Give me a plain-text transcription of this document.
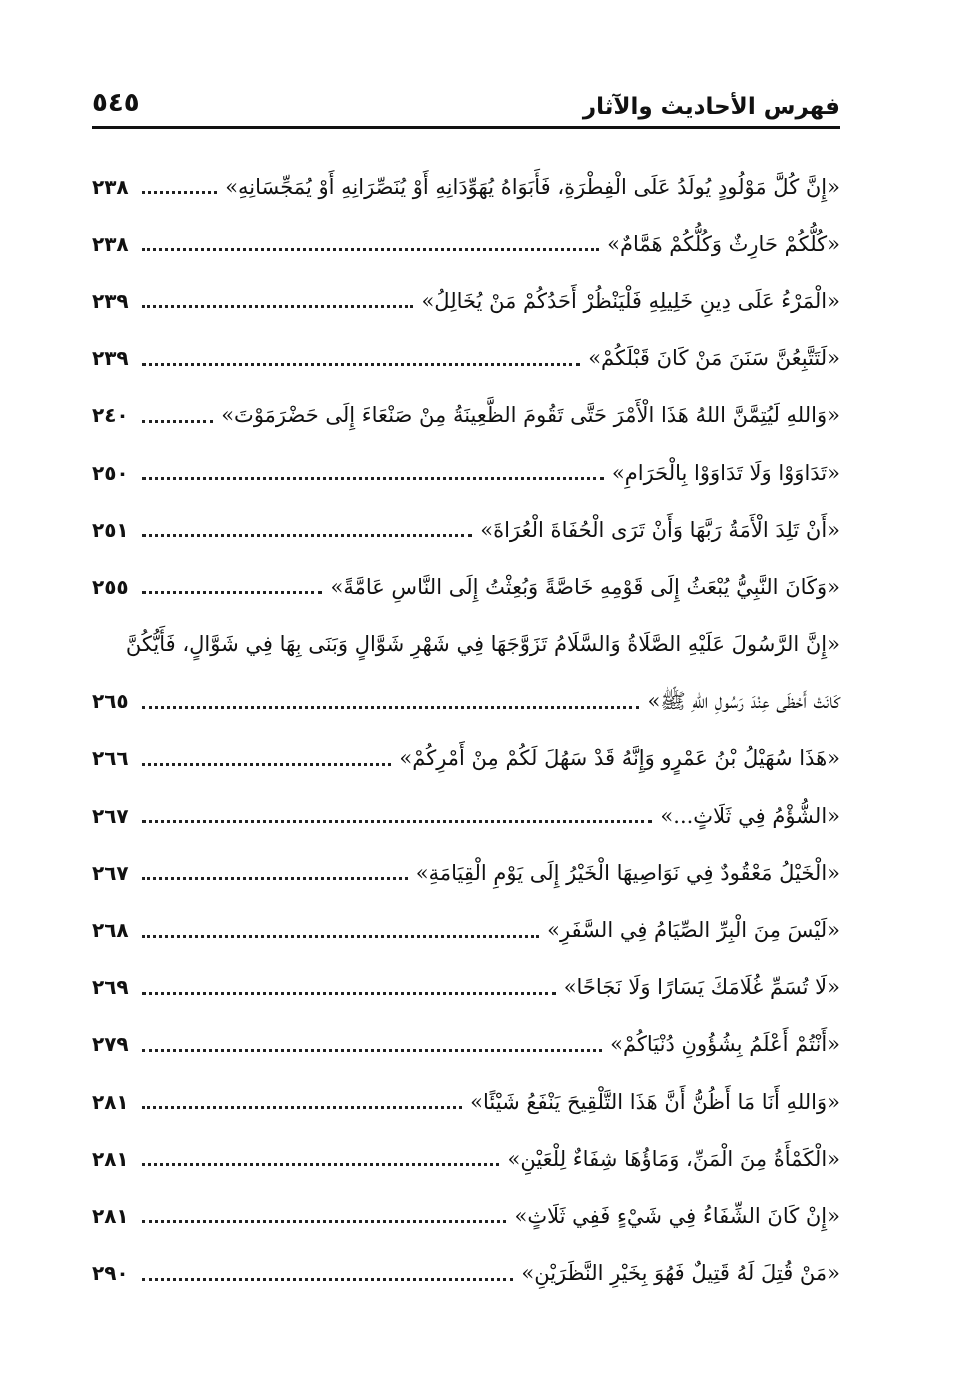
فهرس الأحاديث والآثار
٥٤٥
«إِنَّ كُلَّ مَوْلُودٍ يُولَدُ عَلَى الْفِطْرَةِ، فَأَبَوَاهُ يُهَوِّدَانِهِ أَوْ يُنَصِّرَانِهِ أَوْ يُمَجِّسَانِهِ»
٢٣٨
«كُلُّكُمْ حَارِثٌ وَكُلُّكُمْ هَمَّامٌ»
٢٣٨
«الْمَرْءُ عَلَى دِينِ خَلِيلِهِ فَلْيَنْظُرْ أَحَدُكُمْ مَنْ يُخَالِلُ»
٢٣٩
«لَتَتَّبِعُنَّ سَنَنَ مَنْ كَانَ قَبْلَكُمْ»
٢٣٩
«وَاللهِ لَيُتِمَّنَّ اللهُ هَذَا الْأَمْرَ حَتَّى تَقُومَ الظَّعِينَةُ مِنْ صَنْعَاءَ إِلَى حَضْرَمَوْتَ»
٢٤٠
«تَدَاوَوْا وَلَا تَدَاوَوْا بِالْحَرَامِ»
٢٥٠
«أَنْ تَلِدَ الْأَمَةُ رَبَّهَا وَأَنْ تَرَى الْحُفَاةَ الْعُرَاةَ»
٢٥١
«وَكَانَ النَّبِيُّ يُبْعَثُ إِلَى قَوْمِهِ خَاصَّةً وَبُعِثْتُ إِلَى النَّاسِ عَامَّةً»
٢٥٥
«إِنَّ الرَّسُولَ عَلَيْهِ الصَّلَاةُ وَالسَّلَامُ تَزَوَّجَهَا فِي شَهْرِ شَوَّالٍ وَبَنَى بِهَا فِي شَوَّالٍ، فَأَيُّكُنَّ
كَانَتْ أَحْظَى عِنْدَ رَسُولِ اللهِ ﷺ»
٢٦٥
«هَذَا سُهَيْلُ بْنُ عَمْرٍو وَإِنَّهُ قَدْ سَهُلَ لَكُمْ مِنْ أَمْرِكُمْ»
٢٦٦
«الشُّؤْمُ فِي ثَلَاثٍ...»
٢٦٧
«الْخَيْلُ مَعْقُودٌ فِي نَوَاصِيهَا الْخَيْرُ إِلَى يَوْمِ الْقِيَامَةِ»
٢٦٧
«لَيْسَ مِنَ الْبِرِّ الصِّيَامُ فِي السَّفَرِ»
٢٦٨
«لَا تُسَمِّ غُلَامَكَ يَسَارًا وَلَا نَجَاحًا»
٢٦٩
«أَنْتُمْ أَعْلَمُ بِشُؤُونِ دُنْيَاكُمْ»
٢٧٩
«وَاللهِ أَنَا مَا أَظُنُّ أَنَّ هَذَا التَّلْقِيحَ يَنْفَعُ شَيْئًا»
٢٨١
«الْكَمْأَةُ مِنَ الْمَنِّ، وَمَاؤُهَا شِفَاءٌ لِلْعَيْنِ»
٢٨١
«إِنْ كَانَ الشِّفَاءُ فِي شَيْءٍ فَفِي ثَلَاثٍ»
٢٨١
«مَنْ قُتِلَ لَهُ قَتِيلٌ فَهُوَ بِخَيْرِ النَّظَرَيْنِ»
٢٩٠
